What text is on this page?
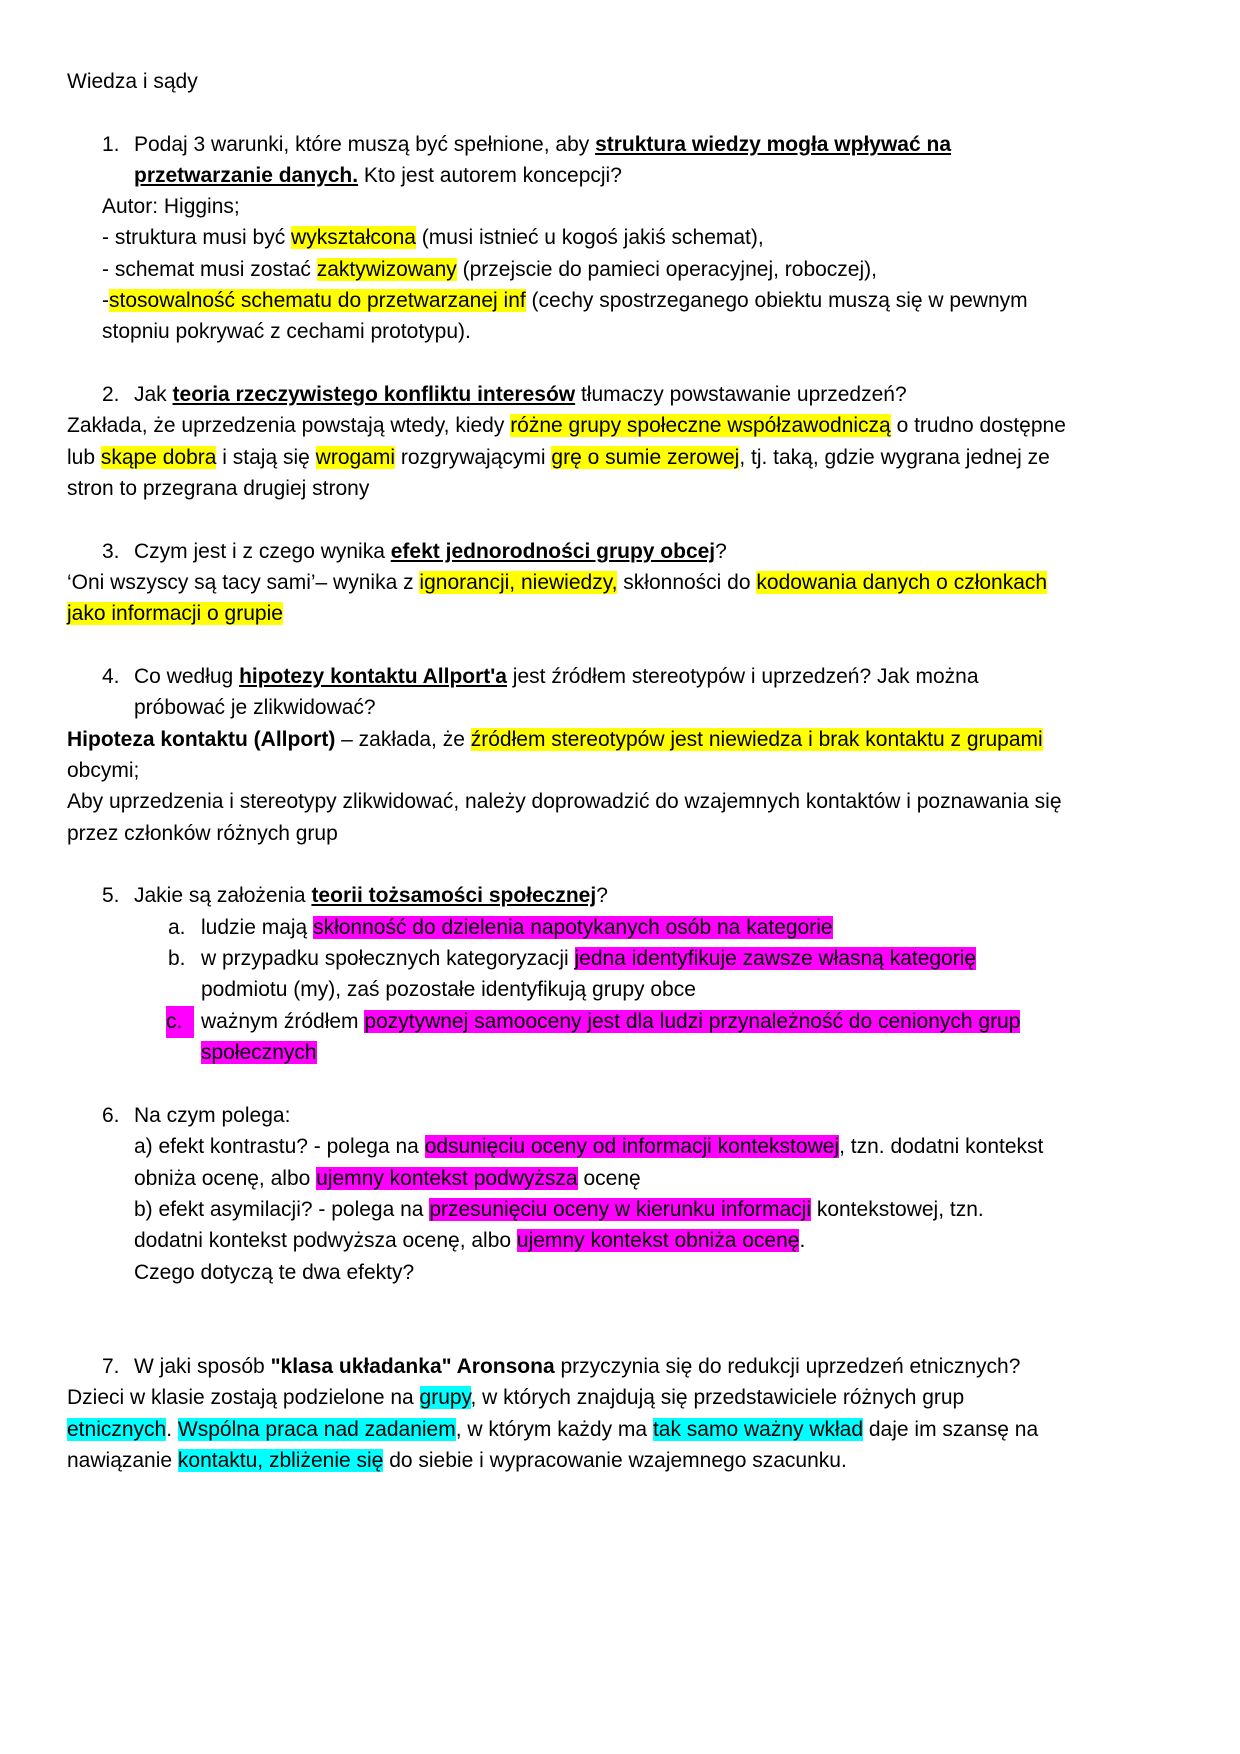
Wiedza i sądy
1. Podaj 3 warunki, które muszą być spełnione, aby struktura wiedzy mogła wpływać na
przetwarzanie danych. Kto jest autorem koncepcji?
Autor: Higgins;
- struktura musi być wykształcona (musi istnieć u kogoś jakiś schemat),
- schemat musi zostać zaktywizowany (przejscie do pamieci operacyjnej, roboczej),
-stosowalność schematu do przetwarzanej inf (cechy spostrzeganego obiektu muszą się w pewnym
stopniu pokrywać z cechami prototypu).
2. Jak teoria rzeczywistego konfliktu interesów tłumaczy powstawanie uprzedzeń?
Zakłada, że uprzedzenia powstają wtedy, kiedy różne grupy społeczne współzawodniczą o trudno dostępne
lub skąpe dobra i stają się wrogami rozgrywającymi grę o sumie zerowej, tj. taką, gdzie wygrana jednej ze
stron to przegrana drugiej strony
3. Czym jest i z czego wynika efekt jednorodności grupy obcej?
‘Oni wszyscy są tacy sami’– wynika z ignorancji, niewiedzy, skłonności do kodowania danych o członkach
jako informacji o grupie
4. Co według hipotezy kontaktu Allport'a jest źródłem stereotypów i uprzedzeń? Jak można
próbować je zlikwidować?
Hipoteza kontaktu (Allport) – zakłada, że źródłem stereotypów jest niewiedza i brak kontaktu z grupami
obcymi;
Aby uprzedzenia i stereotypy zlikwidować, należy doprowadzić do wzajemnych kontaktów i poznawania się
przez członków różnych grup
5. Jakie są założenia teorii tożsamości społecznej?
a. ludzie mają skłonność do dzielenia napotykanych osób na kategorie
b. w przypadku społecznych kategoryzacji jedna identyfikuje zawsze własną kategorię
podmiotu (my), zaś pozostałe identyfikują grupy obce
c. ważnym źródłem pozytywnej samooceny jest dla ludzi przynależność do cenionych grup
społecznych
6. Na czym polega:
a) efekt kontrastu? - polega na odsunięciu oceny od informacji kontekstowej, tzn. dodatni kontekst
obniża ocenę, albo ujemny kontekst podwyższa ocenę
b) efekt asymilacji? - polega na przesunięciu oceny w kierunku informacji kontekstowej, tzn.
dodatni kontekst podwyższa ocenę, albo ujemny kontekst obniża ocenę.
Czego dotyczą te dwa efekty?
7. W jaki sposób "klasa układanka" Aronsona przyczynia się do redukcji uprzedzeń etnicznych?
Dzieci w klasie zostają podzielone na grupy, w których znajdują się przedstawiciele różnych grup
etnicznych. Wspólna praca nad zadaniem, w którym każdy ma tak samo ważny wkład daje im szansę na
nawiązanie kontaktu, zbliżenie się do siebie i wypracowanie wzajemnego szacunku.
